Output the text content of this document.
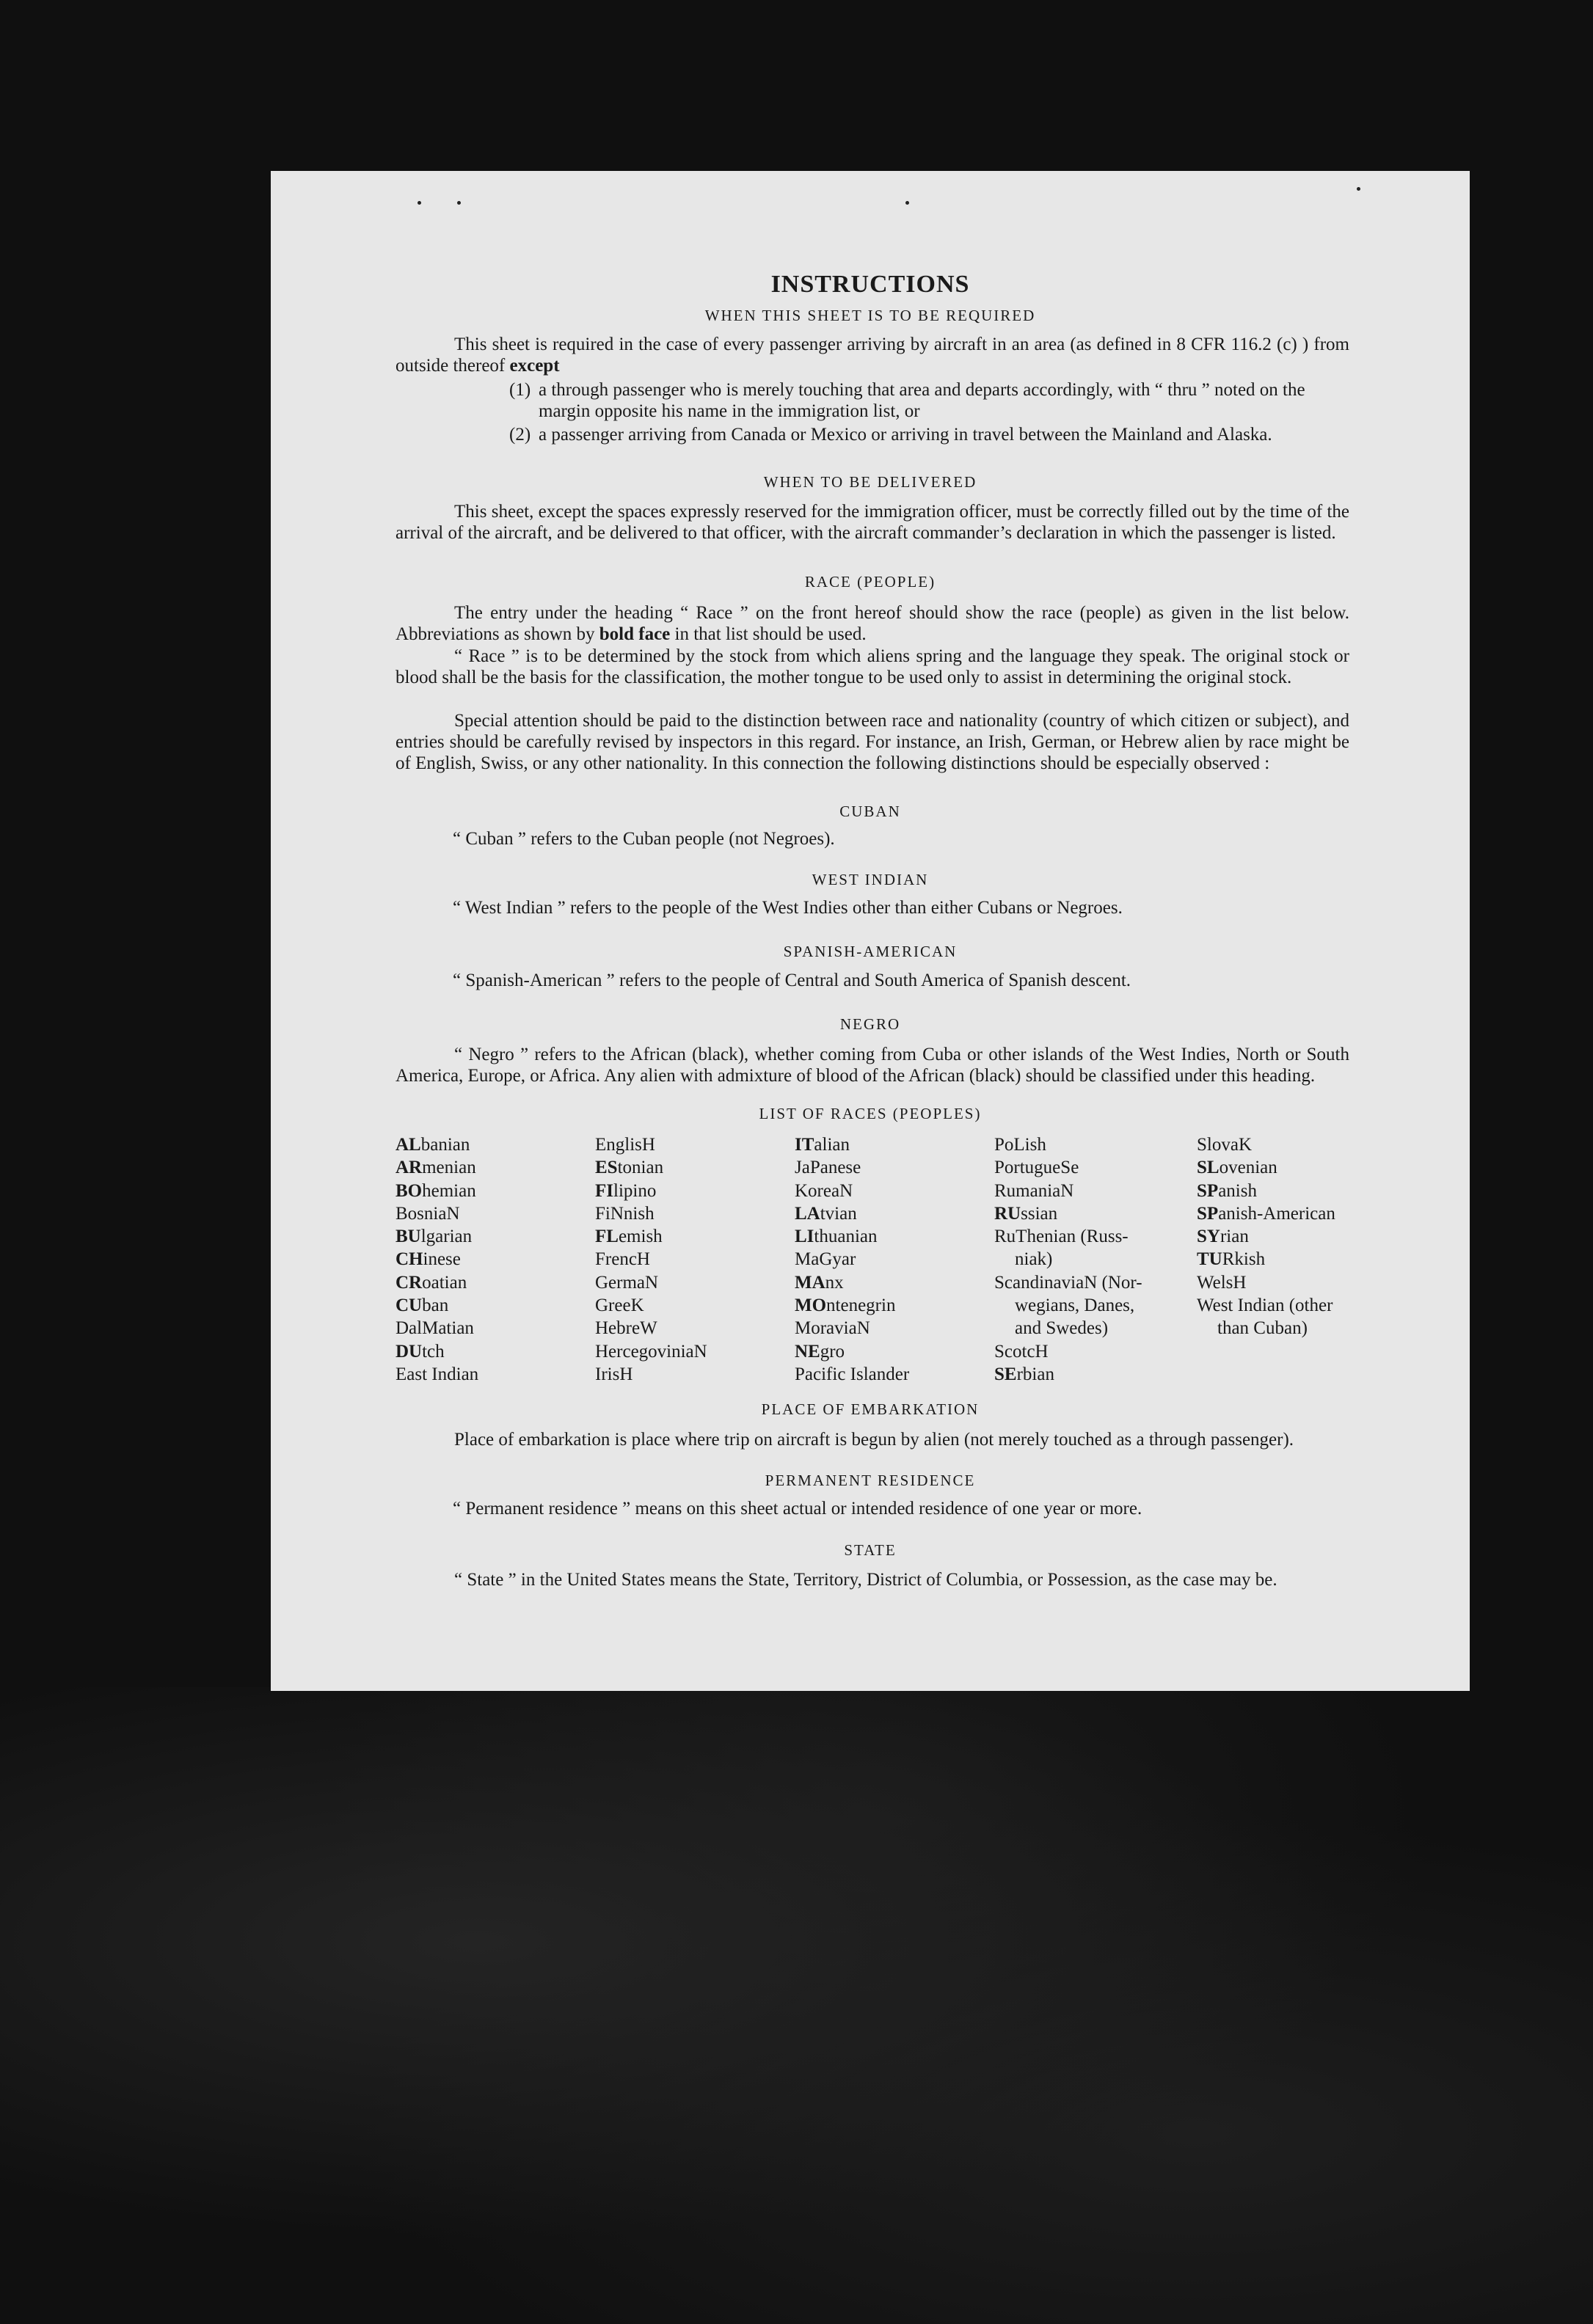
INSTRUCTIONS
WHEN THIS SHEET IS TO BE REQUIRED
This sheet is required in the case of every passenger arriving by aircraft in an area (as defined in 8 CFR 116.2 (c) ) from outside thereof except
(1) a through passenger who is merely touching that area and departs accordingly, with “ thru ” noted on the margin opposite his name in the immigration list, or
(2) a passenger arriving from Canada or Mexico or arriving in travel between the Mainland and Alaska.
WHEN TO BE DELIVERED
This sheet, except the spaces expressly reserved for the immigration officer, must be correctly filled out by the time of the arrival of the aircraft, and be delivered to that officer, with the aircraft commander’s declaration in which the passenger is listed.
RACE (PEOPLE)
The entry under the heading “ Race ” on the front hereof should show the race (people) as given in the list below. Abbreviations as shown by bold face in that list should be used.
“ Race ” is to be determined by the stock from which aliens spring and the language they speak. The original stock or blood shall be the basis for the classification, the mother tongue to be used only to assist in determining the original stock.
Special attention should be paid to the distinction between race and nationality (country of which citizen or subject), and entries should be carefully revised by inspectors in this regard. For instance, an Irish, German, or Hebrew alien by race might be of English, Swiss, or any other nationality. In this connection the following distinctions should be especially observed :
CUBAN
“ Cuban ” refers to the Cuban people (not Negroes).
WEST INDIAN
“ West Indian ” refers to the people of the West Indies other than either Cubans or Negroes.
SPANISH-AMERICAN
“ Spanish-American ” refers to the people of Central and South America of Spanish descent.
NEGRO
“ Negro ” refers to the African (black), whether coming from Cuba or other islands of the West Indies, North or South America, Europe, or Africa. Any alien with admixture of blood of the African (black) should be classified under this heading.
LIST OF RACES (PEOPLES)
ALbanian
ARmenian
BOhemian
BosniaN
BUlgarian
CHinese
CRoatian
CUban
DalMatian
DUtch
East Indian
EnglisH
EStonian
FIlipino
FiNnish
FLemish
FrencH
GermaN
GreeK
HebreW
HercegoviniaN
IrisH
ITalian
JaPanese
KoreaN
LAtvian
LIthuanian
MaGyar
MAnx
MOntenegrin
MoraviaN
NEgro
Pacific Islander
PoLish
PortugueSe
RumaniaN
RUssian
RuThenian (Russ-
niak)
ScandinaviaN (Nor-
wegians, Danes,
and Swedes)
ScotcH
SErbian
SlovaK
SLovenian
SPanish
SPanish-American
SYrian
TURkish
WelsH
West Indian (other
than Cuban)
PLACE OF EMBARKATION
Place of embarkation is place where trip on aircraft is begun by alien (not merely touched as a through passenger).
PERMANENT RESIDENCE
“ Permanent residence ” means on this sheet actual or intended residence of one year or more.
STATE
“ State ” in the United States means the State, Territory, District of Columbia, or Possession, as the case may be.
